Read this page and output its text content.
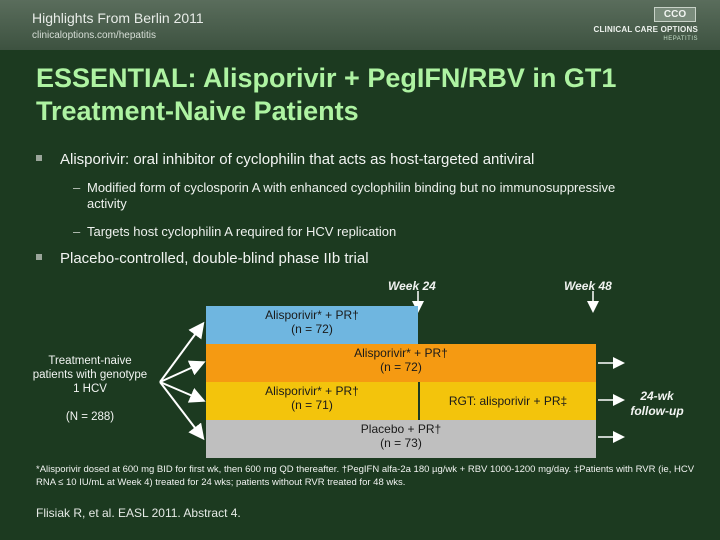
Highlights From Berlin 2011
clinicaloptions.com/hepatitis
CCO
CLINICAL CARE OPTIONS
HEPATITIS
ESSENTIAL: Alisporivir + PegIFN/RBV in GT1 Treatment-Naive Patients
Alisporivir: oral inhibitor of cyclophilin that acts as host-targeted antiviral
– Modified form of cyclosporin A with enhanced cyclophilin binding but no immunosuppressive activity
– Targets host cyclophilin A required for HCV replication
Placebo-controlled, double-blind phase IIb trial
Week 24	Week 48
Treatment-naive patients with genotype 1 HCV
(N = 288)
Alisporivir* + PR†
(n = 72)
Alisporivir* + PR†
(n = 72)
Alisporivir* + PR†
(n = 71)	RGT: alisporivir + PR‡
Placebo + PR†
(n = 73)
24-wk follow-up
*Alisporivir dosed at 600 mg BID for first wk, then 600 mg QD thereafter. †PegIFN alfa-2a 180 µg/wk + RBV 1000-1200 mg/day. ‡Patients with RVR (ie, HCV RNA ≤ 10 IU/mL at Week 4) treated for 24 wks; patients without RVR treated for 48 wks.
Flisiak R, et al. EASL 2011. Abstract 4.
